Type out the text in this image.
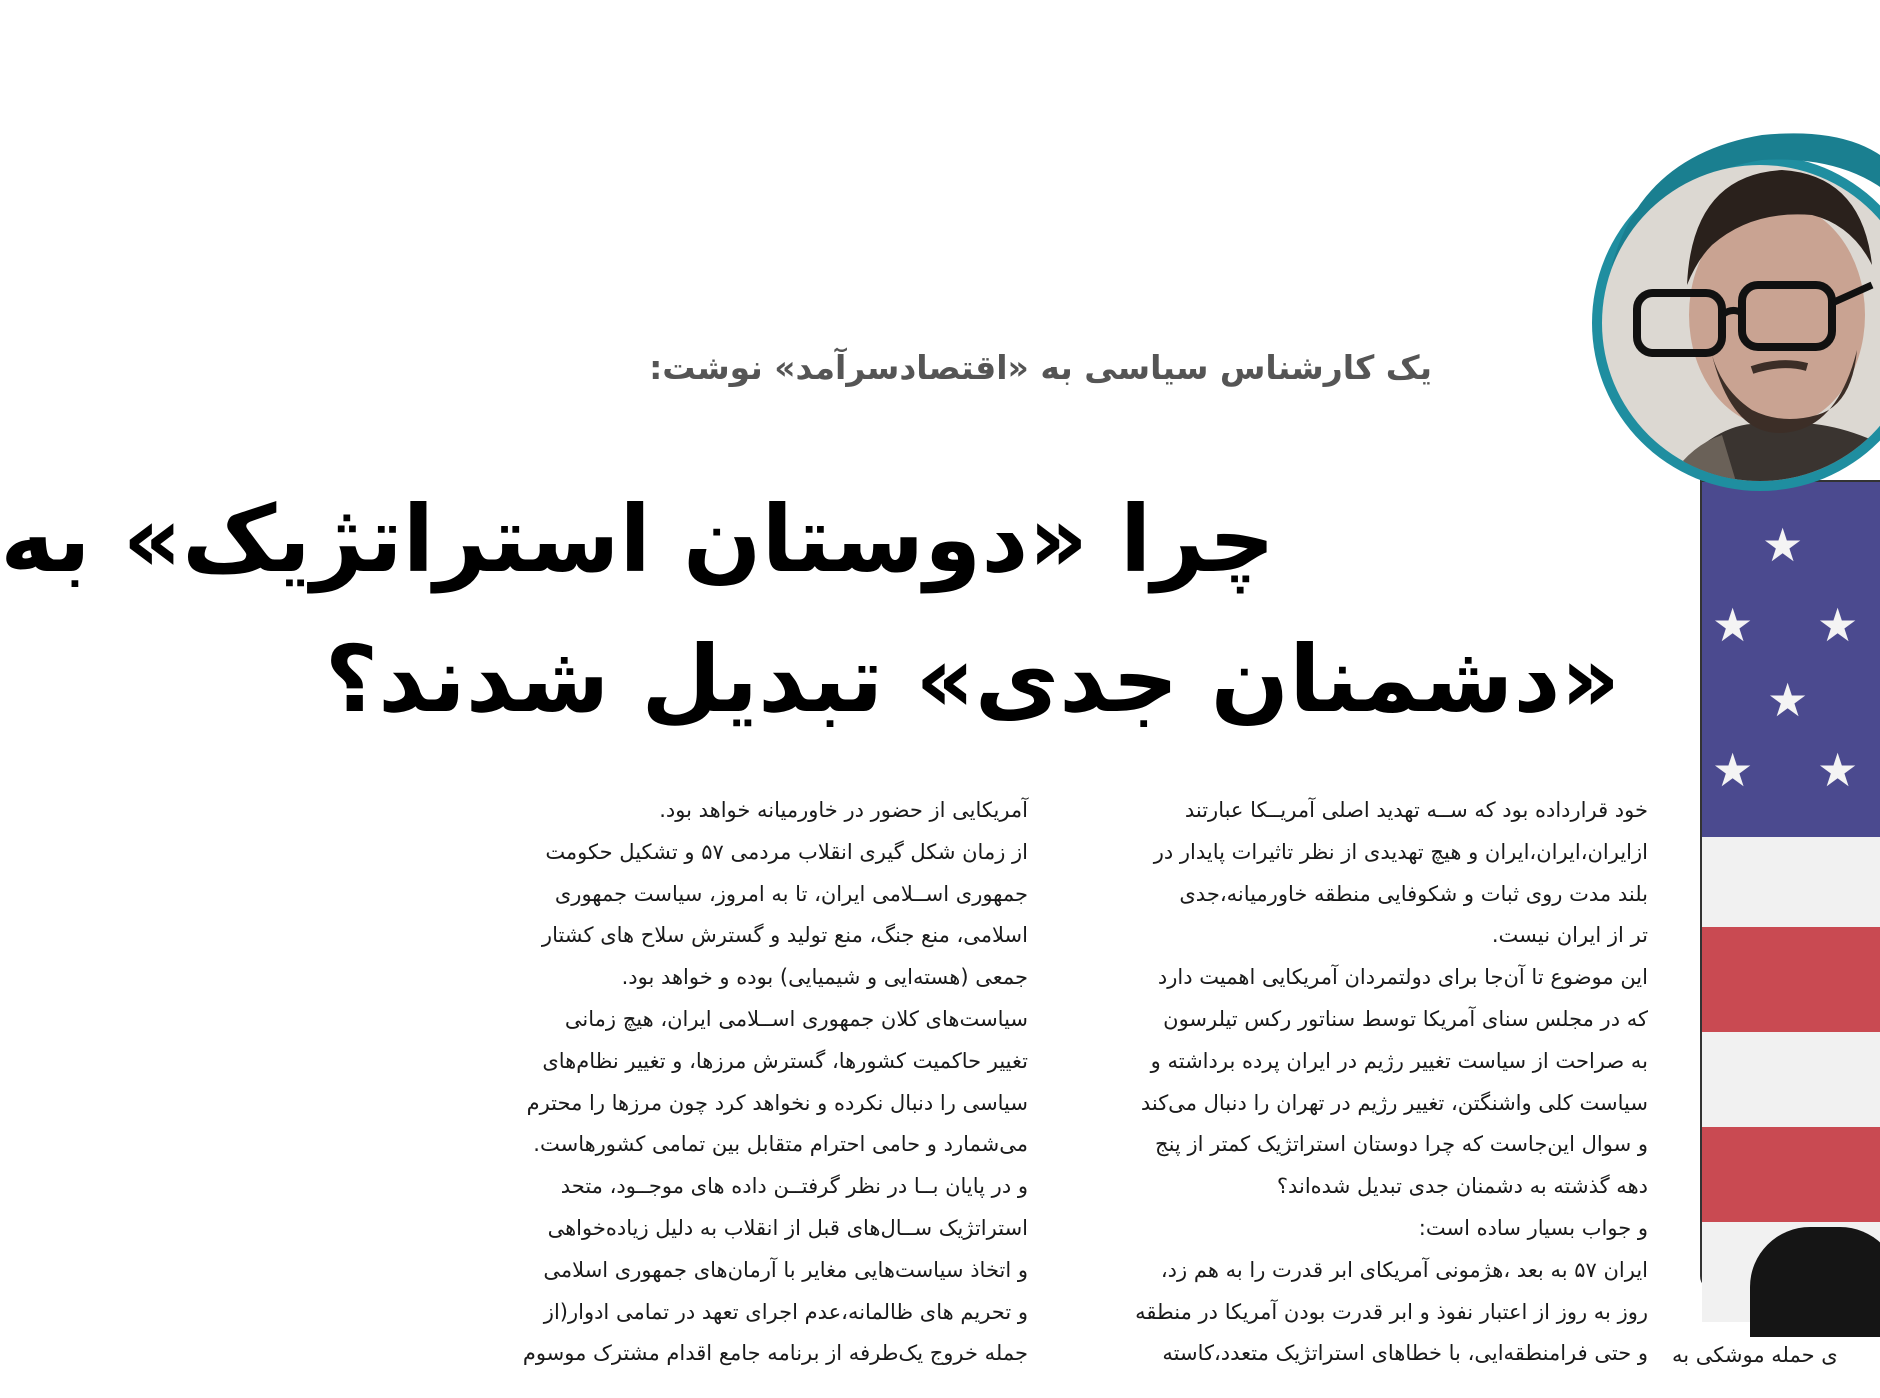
★
★ ★
★
★ ★
یک کارشناس سیاسی به «اقتصادسرآمد» نوشت:
چرا «دوستان استراتژیک» به
«دشمنان جدی» تبدیل شدند؟

خود قرارداده بود که ســه تهدید اصلی آمریــکا عبارتند

ازایران،ایران،ایران و هیچ تهدیدی از نظر تاثیرات پایدار در

بلند مدت روی ثبات و شکوفایی منطقه خاورمیانه،جدی

تر از ایران نیست.

این موضوع تا آن‌جا برای دولتمردان آمریکایی اهمیت دارد

که در مجلس سنای آمریکا توسط سناتور رکس تیلرسون

به صراحت از سیاست تغییر رژیم در ایران پرده برداشته و

سیاست کلی واشنگتن، تغییر رژیم در تهران را دنبال می‌کند

و سوال این‌جاست که چرا دوستان استراتژیک کمتر از پنج

دهه گذشته به دشمنان جدی تبدیل شده‌اند؟

و جواب بسیار ساده است:

ایران ۵۷ به بعد ،هژمونی آمریکای ابر قدرت را به هم زد،

روز به روز از اعتبار نفوذ و ابر قدرت بودن آمریکا در منطقه

و حتی فرامنطقه‌ایی، با خطاهای استراتژیک متعدد،کاسته

آمریکایی از حضور در خاورمیانه خواهد بود.

از زمان شکل گیری انقلاب مردمی ۵۷ و تشکیل حکومت

جمهوری اســلامی ایران، تا به امروز، سیاست جمهوری

اسلامی، منع جنگ، منع تولید و گسترش سلاح های کشتار

جمعی (هسته‌ایی و شیمیایی) بوده و خواهد بود.

سیاست‌های کلان جمهوری اســلامی ایران، هیچ زمانی

تغییر حاکمیت کشورها، گسترش مرزها، و تغییر نظام‌های

سیاسی را دنبال نکرده و نخواهد کرد چون مرزها را محترم

می‌شمارد و حامی احترام متقابل بین تمامی کشورهاست.

و در پایان بــا در نظر گرفتــن داده های موجــود، متحد

استراتژیک ســال‌های قبل از انقلاب به دلیل زیاده‌خواهی

و اتخاذ سیاست‌هایی مغایر با آرمان‌های جمهوری اسلامی

و تحریم های ظالمانه،عدم اجرای تعهد در تمامی ادوار(از

جمله خروج یک‌طرفه از برنامه جامع اقدام مشترک موسوم	ی حمله موشکی به
